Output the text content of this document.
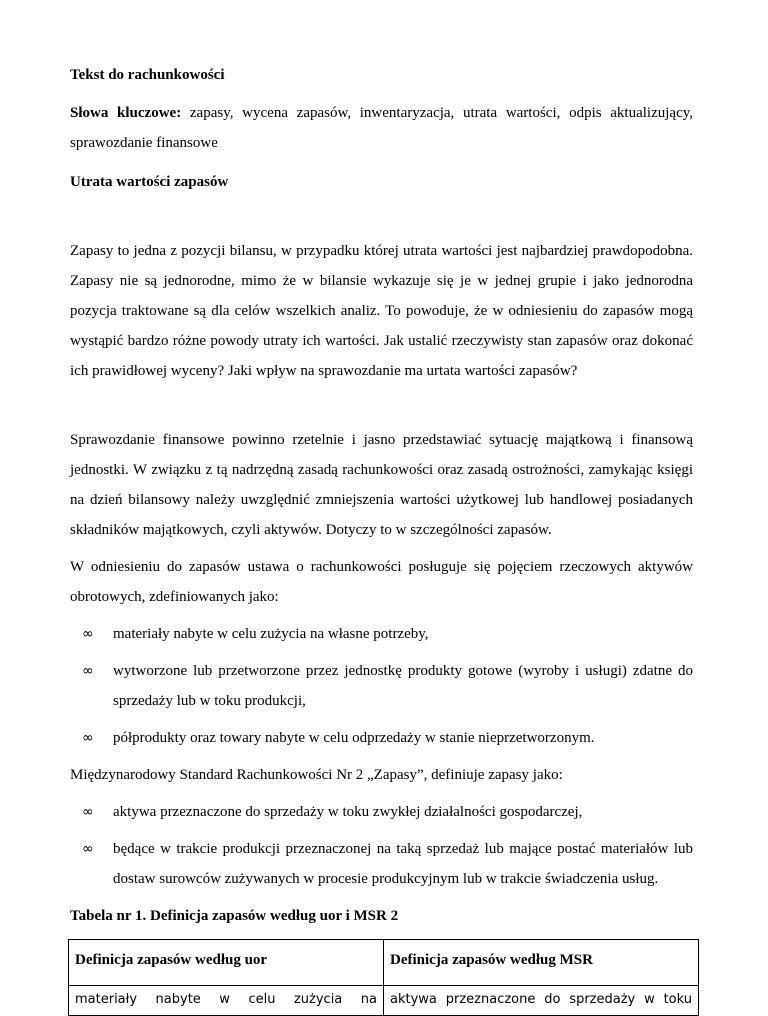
Tekst do rachunkowości

Słowa kluczowe: zapasy, wycena zapasów, inwentaryzacja, utrata wartości, odpis aktualizujący, sprawozdanie finansowe

Utrata wartości zapasów

Zapasy to jedna z pozycji bilansu, w przypadku której utrata wartości jest najbardziej prawdopodobna. Zapasy nie są jednorodne, mimo że w bilansie wykazuje się je w jednej grupie i jako jednorodna pozycja traktowane są dla celów wszelkich analiz. To powoduje, że w odniesieniu do zapasów mogą wystąpić bardzo różne powody utraty ich wartości. Jak ustalić rzeczywisty stan zapasów oraz dokonać ich prawidłowej wyceny? Jaki wpływ na sprawozdanie ma urtata wartości zapasów?

Sprawozdanie finansowe powinno rzetelnie i jasno przedstawiać sytuację majątkową i finansową jednostki. W związku z tą nadrzędną zasadą rachunkowości oraz zasadą ostrożności, zamykając księgi na dzień bilansowy należy uwzględnić zmniejszenia wartości użytkowej lub handlowej posiadanych składników majątkowych, czyli aktywów. Dotyczy to w szczególności zapasów.

W odniesieniu do zapasów ustawa o rachunkowości posługuje się pojęciem rzeczowych aktywów obrotowych, zdefiniowanych jako:

∞ materiały nabyte w celu zużycia na własne potrzeby,
∞ wytworzone lub przetworzone przez jednostkę produkty gotowe (wyroby i usługi) zdatne do sprzedaży lub w toku produkcji,
∞ półprodukty oraz towary nabyte w celu odprzedaży w stanie nieprzetworzonym.

Międzynarodowy Standard Rachunkowości Nr 2 „Zapasy”, definiuje zapasy jako:

∞ aktywa przeznaczone do sprzedaży w toku zwykłej działalności gospodarczej,
∞ będące w trakcie produkcji przeznaczonej na taką sprzedaż lub mające postać materiałów lub dostaw surowców zużywanych w procesie produkcyjnym lub w trakcie świadczenia usług.

Tabela nr 1. Definicja zapasów według uor i MSR 2

Definicja zapasów według uor	Definicja zapasów według MSR
materiały nabyte w celu zużycia na	aktywa przeznaczone do sprzedaży w toku
